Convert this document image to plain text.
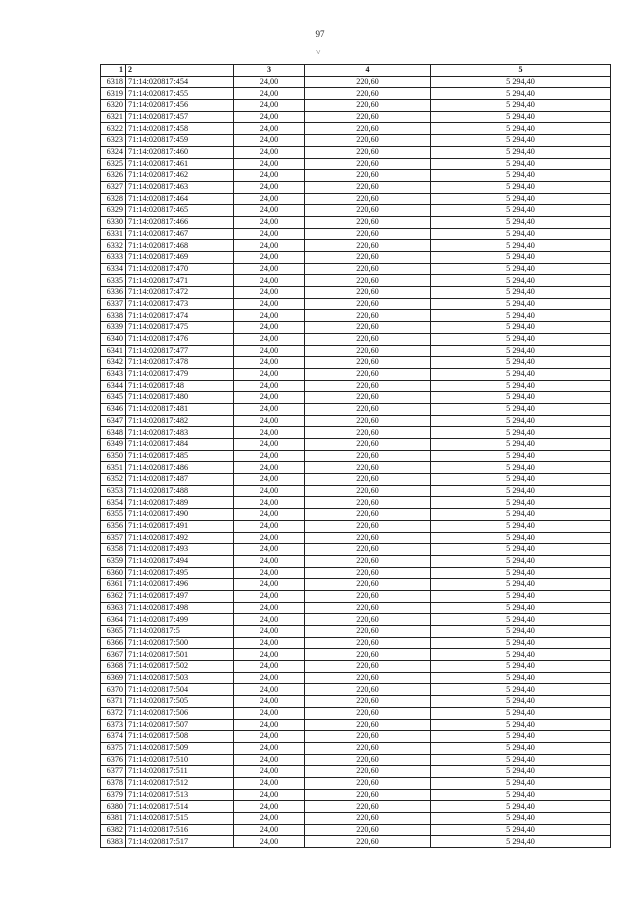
97
˅
1	2	3	4	5
6318	71:14:020817:454	24,00	220,60	5 294,40
6319	71:14:020817:455	24,00	220,60	5 294,40
6320	71:14:020817:456	24,00	220,60	5 294,40
6321	71:14:020817:457	24,00	220,60	5 294,40
6322	71:14:020817:458	24,00	220,60	5 294,40
6323	71:14:020817:459	24,00	220,60	5 294,40
6324	71:14:020817:460	24,00	220,60	5 294,40
6325	71:14:020817:461	24,00	220,60	5 294,40
6326	71:14:020817:462	24,00	220,60	5 294,40
6327	71:14:020817:463	24,00	220,60	5 294,40
6328	71:14:020817:464	24,00	220,60	5 294,40
6329	71:14:020817:465	24,00	220,60	5 294,40
6330	71:14:020817:466	24,00	220,60	5 294,40
6331	71:14:020817:467	24,00	220,60	5 294,40
6332	71:14:020817:468	24,00	220,60	5 294,40
6333	71:14:020817:469	24,00	220,60	5 294,40
6334	71:14:020817:470	24,00	220,60	5 294,40
6335	71:14:020817:471	24,00	220,60	5 294,40
6336	71:14:020817:472	24,00	220,60	5 294,40
6337	71:14:020817:473	24,00	220,60	5 294,40
6338	71:14:020817:474	24,00	220,60	5 294,40
6339	71:14:020817:475	24,00	220,60	5 294,40
6340	71:14:020817:476	24,00	220,60	5 294,40
6341	71:14:020817:477	24,00	220,60	5 294,40
6342	71:14:020817:478	24,00	220,60	5 294,40
6343	71:14:020817:479	24,00	220,60	5 294,40
6344	71:14:020817:48	24,00	220,60	5 294,40
6345	71:14:020817:480	24,00	220,60	5 294,40
6346	71:14:020817:481	24,00	220,60	5 294,40
6347	71:14:020817:482	24,00	220,60	5 294,40
6348	71:14:020817:483	24,00	220,60	5 294,40
6349	71:14:020817:484	24,00	220,60	5 294,40
6350	71:14:020817:485	24,00	220,60	5 294,40
6351	71:14:020817:486	24,00	220,60	5 294,40
6352	71:14:020817:487	24,00	220,60	5 294,40
6353	71:14:020817:488	24,00	220,60	5 294,40
6354	71:14:020817:489	24,00	220,60	5 294,40
6355	71:14:020817:490	24,00	220,60	5 294,40
6356	71:14:020817:491	24,00	220,60	5 294,40
6357	71:14:020817:492	24,00	220,60	5 294,40
6358	71:14:020817:493	24,00	220,60	5 294,40
6359	71:14:020817:494	24,00	220,60	5 294,40
6360	71:14:020817:495	24,00	220,60	5 294,40
6361	71:14:020817:496	24,00	220,60	5 294,40
6362	71:14:020817:497	24,00	220,60	5 294,40
6363	71:14:020817:498	24,00	220,60	5 294,40
6364	71:14:020817:499	24,00	220,60	5 294,40
6365	71:14:020817:5	24,00	220,60	5 294,40
6366	71:14:020817:500	24,00	220,60	5 294,40
6367	71:14:020817:501	24,00	220,60	5 294,40
6368	71:14:020817:502	24,00	220,60	5 294,40
6369	71:14:020817:503	24,00	220,60	5 294,40
6370	71:14:020817:504	24,00	220,60	5 294,40
6371	71:14:020817:505	24,00	220,60	5 294,40
6372	71:14:020817:506	24,00	220,60	5 294,40
6373	71:14:020817:507	24,00	220,60	5 294,40
6374	71:14:020817:508	24,00	220,60	5 294,40
6375	71:14:020817:509	24,00	220,60	5 294,40
6376	71:14:020817:510	24,00	220,60	5 294,40
6377	71:14:020817:511	24,00	220,60	5 294,40
6378	71:14:020817:512	24,00	220,60	5 294,40
6379	71:14:020817:513	24,00	220,60	5 294,40
6380	71:14:020817:514	24,00	220,60	5 294,40
6381	71:14:020817:515	24,00	220,60	5 294,40
6382	71:14:020817:516	24,00	220,60	5 294,40
6383	71:14:020817:517	24,00	220,60	5 294,40
